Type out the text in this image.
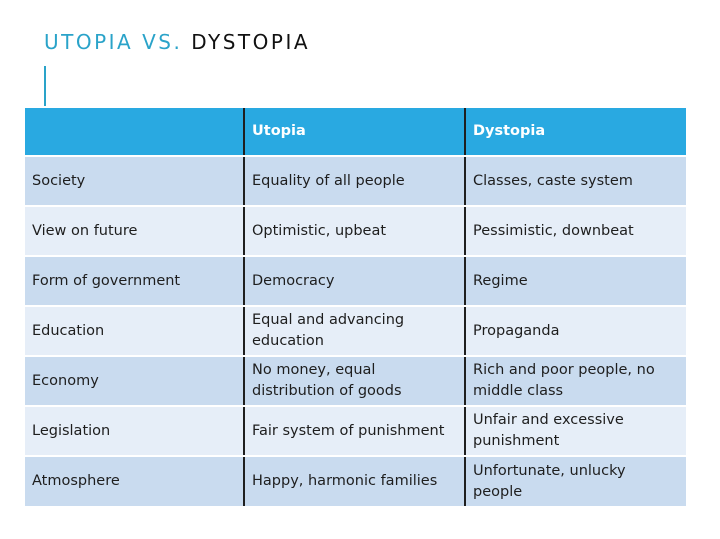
UTOPIA VS. DYSTOPIA
	Utopia	Dystopia
Society	Equality of all people	Classes, caste system
View on future	Optimistic, upbeat	Pessimistic, downbeat
Form of government	Democracy	Regime
Education	Equal and advancing education	Propaganda
Economy	No money, equal distribution of goods	Rich and poor people, no middle class
Legislation	Fair system of punishment	Unfair and excessive punishment
Atmosphere	Happy, harmonic families	Unfortunate, unlucky people
